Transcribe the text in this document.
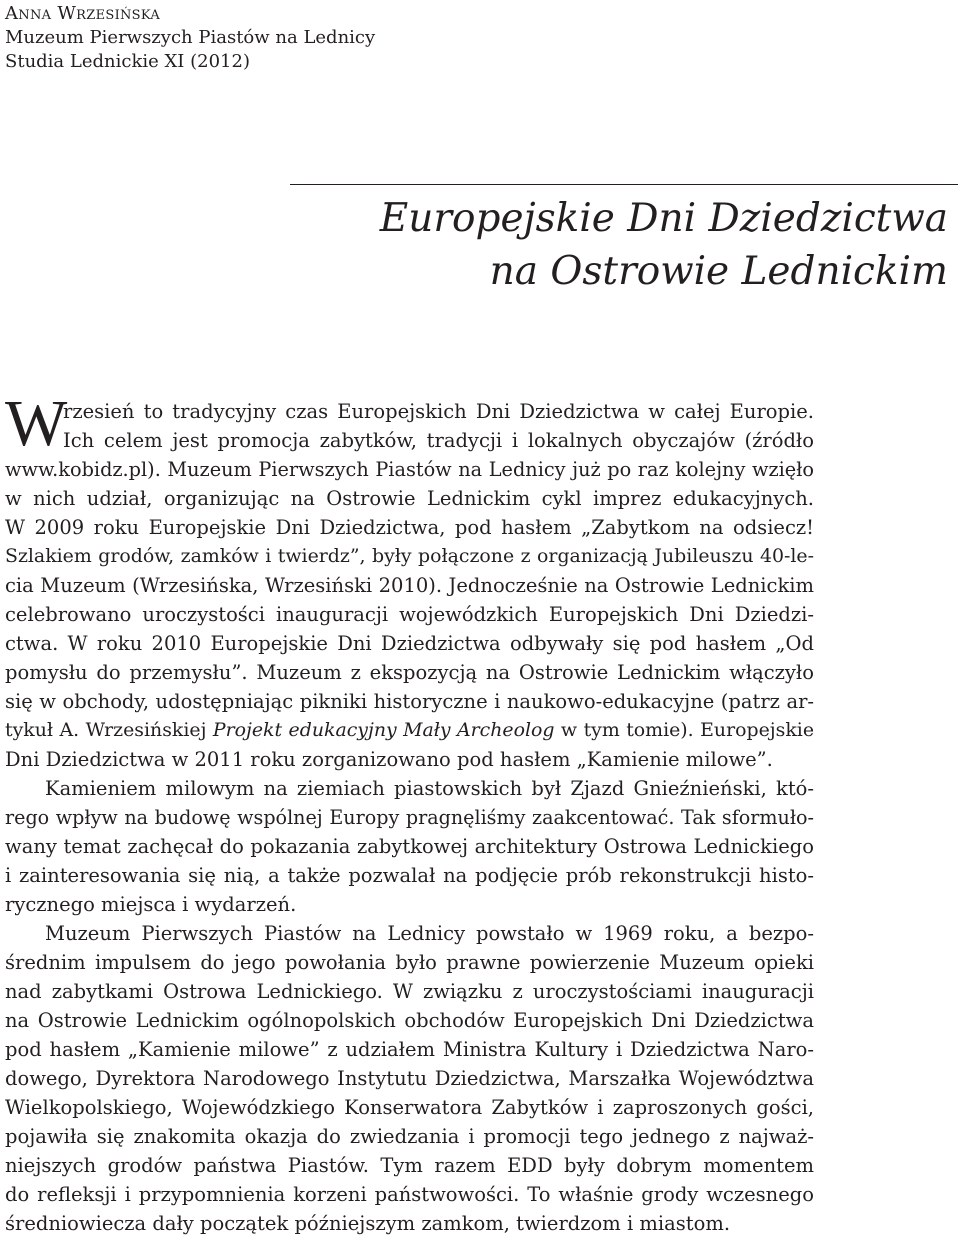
Anna Wrzesińska
Muzeum Pierwszych Piastów na Lednicy
Studia Lednickie XI (2012)
Europejskie Dni Dziedzictwa
na Ostrowie Lednickim
W
rzesień to tradycyjny czas Europejskich Dni Dziedzictwa w całej Europie.
Ich celem jest promocja zabytków, tradycji i lokalnych obyczajów (źródło
www.kobidz.pl). Muzeum Pierwszych Piastów na Lednicy już po raz kolejny wzięło
w nich udział, organizując na Ostrowie Lednickim cykl imprez edukacyjnych.
W 2009 roku Europejskie Dni Dziedzictwa, pod hasłem „Zabytkom na odsiecz!
Szlakiem grodów, zamków i twierdz”, były połączone z organizacją Jubileuszu 40-le-
cia Muzeum (Wrzesińska, Wrzesiński 2010). Jednocześnie na Ostrowie Lednickim
celebrowano uroczystości inauguracji wojewódzkich Europejskich Dni Dziedzi-
ctwa. W roku 2010 Europejskie Dni Dziedzictwa odbywały się pod hasłem „Od
pomysłu do przemysłu”. Muzeum z ekspozycją na Ostrowie Lednickim włączyło
się w obchody, udostępniając pikniki historyczne i naukowo-edukacyjne (patrz ar-
tykuł A. Wrzesińskiej Projekt edukacyjny Mały Archeolog w tym tomie). Europejskie
Dni Dziedzictwa w 2011 roku zorganizowano pod hasłem „Kamienie milowe”.
Kamieniem milowym na ziemiach piastowskich był Zjazd Gnieźnieński, któ-
rego wpływ na budowę wspólnej Europy pragnęliśmy zaakcentować. Tak sformuło-
wany temat zachęcał do pokazania zabytkowej architektury Ostrowa Lednickiego
i zainteresowania się nią, a także pozwalał na podjęcie prób rekonstrukcji histo-
rycznego miejsca i wydarzeń.
Muzeum Pierwszych Piastów na Lednicy powstało w 1969 roku, a bezpo-
średnim impulsem do jego powołania było prawne powierzenie Muzeum opieki
nad zabytkami Ostrowa Lednickiego. W związku z uroczystościami inauguracji
na Ostrowie Lednickim ogólnopolskich obchodów Europejskich Dni Dziedzictwa
pod hasłem „Kamienie milowe” z udziałem Ministra Kultury i Dziedzictwa Naro-
dowego, Dyrektora Narodowego Instytutu Dziedzictwa, Marszałka Województwa
Wielkopolskiego, Wojewódzkiego Konserwatora Zabytków i zaproszonych gości,
pojawiła się znakomita okazja do zwiedzania i promocji tego jednego z najważ-
niejszych grodów państwa Piastów. Tym razem EDD były dobrym momentem
do refleksji i przypomnienia korzeni państwowości. To właśnie grody wczesnego
średniowiecza dały początek późniejszym zamkom, twierdzom i miastom.
